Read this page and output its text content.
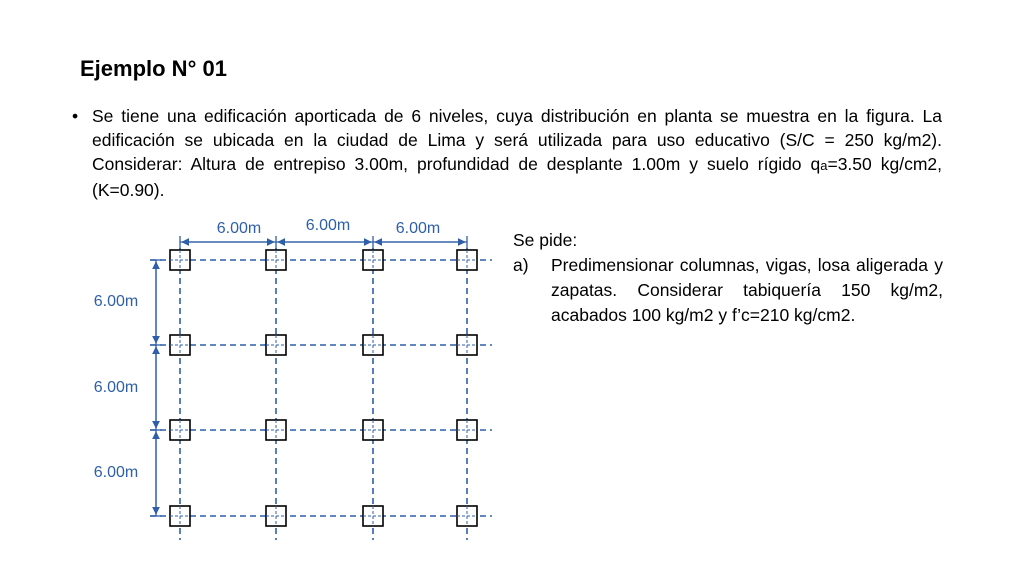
Ejemplo N° 01
• Se tiene una edificación aporticada de 6 niveles, cuya distribución en planta se muestra en la figura. La edificación se ubicada en la ciudad de Lima y será utilizada para uso educativo (S/C = 250 kg/m2). Considerar: Altura de entrepiso 3.00m, profundidad de desplante 1.00m y suelo rígido qa=3.50 kg/cm2, (K=0.90).
Se pide:
a) Predimensionar columnas, vigas, losa aligerada y zapatas. Considerar tabiquería 150 kg/m2, acabados 100 kg/m2 y f’c=210 kg/cm2.
6.00m	6.00m	6.00m
6.00m
6.00m
6.00m
